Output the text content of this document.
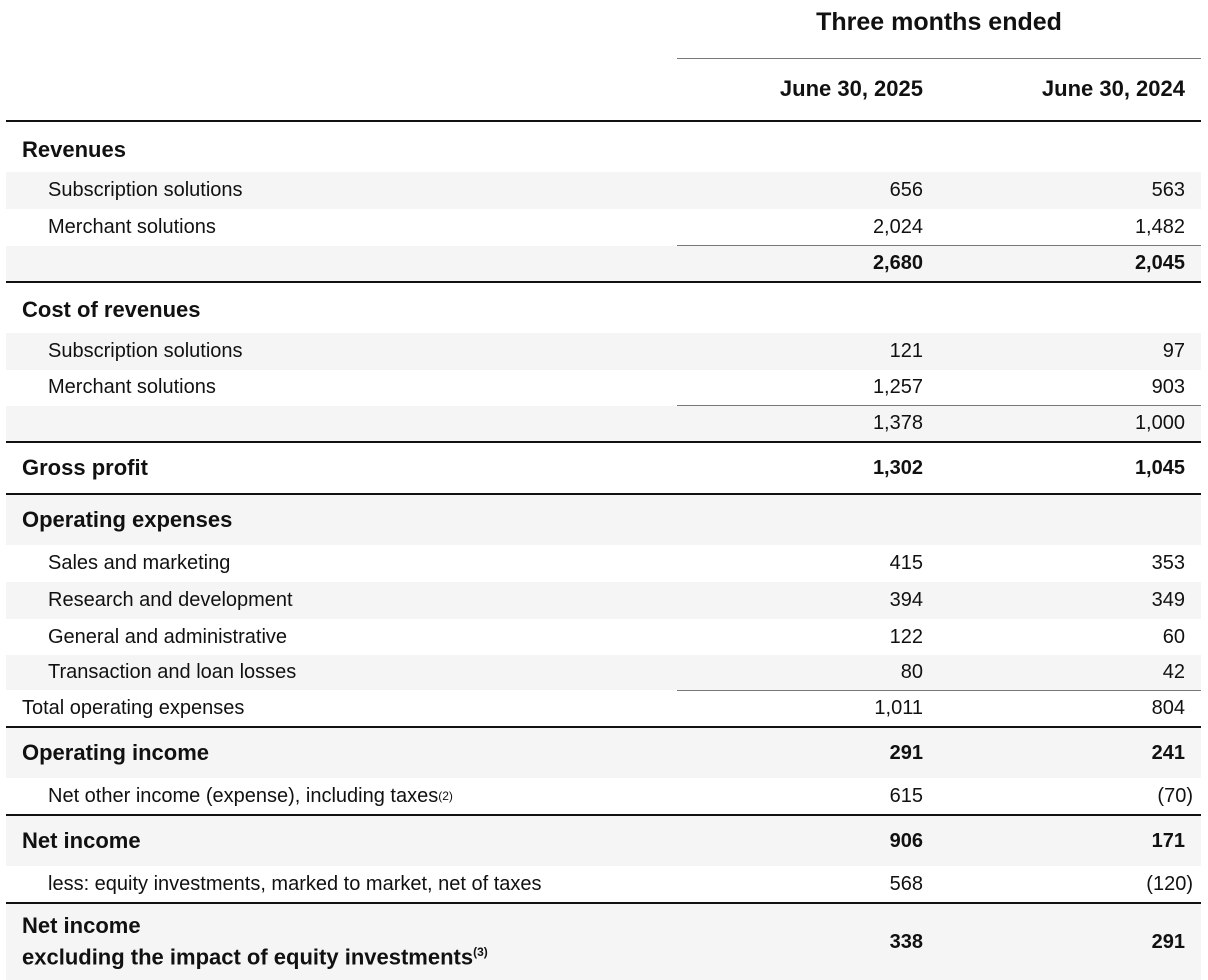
Three months ended
June 30, 2025	June 30, 2024
Revenues
Subscription solutions	656	563
Merchant solutions	2,024	1,482
2,680	2,045
Cost of revenues
Subscription solutions	121	97
Merchant solutions	1,257	903
1,378	1,000
Gross profit	1,302	1,045
Operating expenses
Sales and marketing	415	353
Research and development	394	349
General and administrative	122	60
Transaction and loan losses	80	42
Total operating expenses	1,011	804
Operating income	291	241
Net other income (expense), including taxes (2)	615	(70)
Net income	906	171
less: equity investments, marked to market, net of taxes	568	(120)
Net income
excluding the impact of equity investments$^{(3)}$	338	291
